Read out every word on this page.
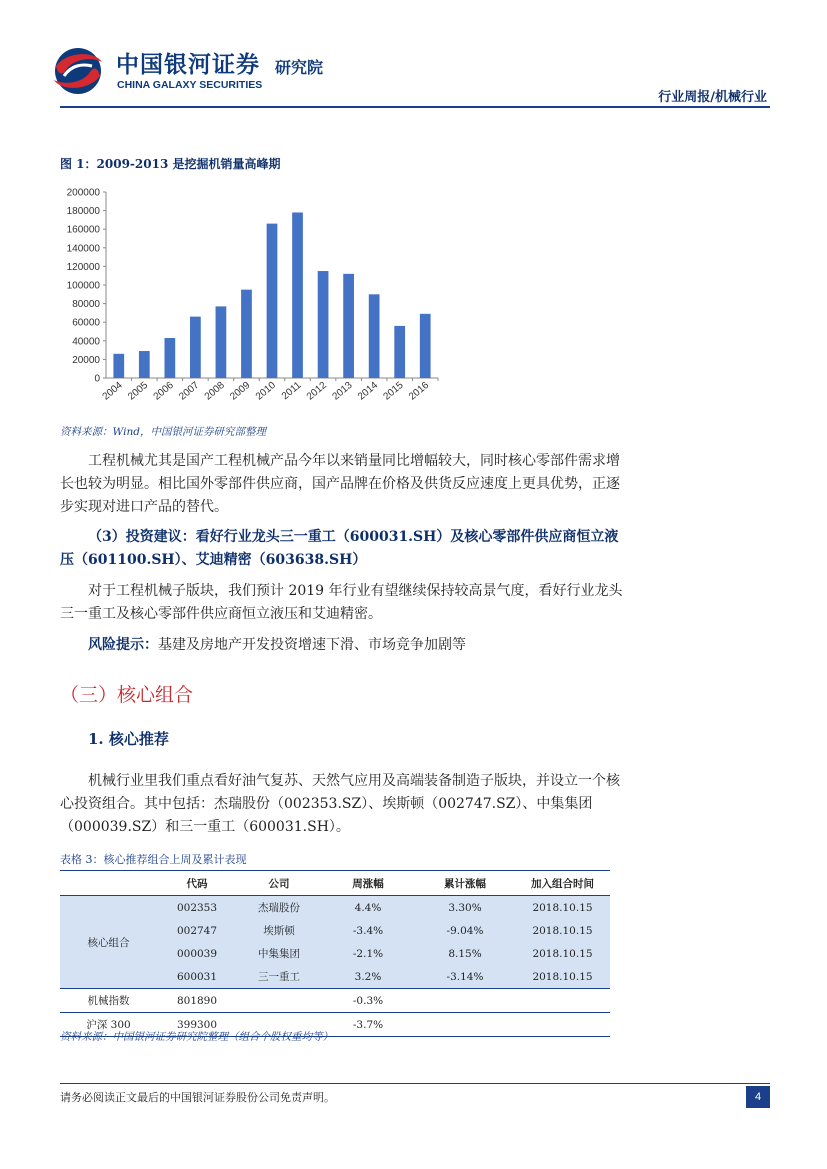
中国银河证券
CHINA GALAXY SECURITIES
研究院
行业周报/机械行业
图 1：2009-2013 是挖掘机销量高峰期
0
20000
40000
60000
80000
100000
120000
140000
160000
180000
200000
2004 2005 2006 2007 2008 2009 2010 2011 2012 2013 2014 2015 2016
资料来源：Wind，中国银河证券研究部整理
工程机械尤其是国产工程机械产品今年以来销量同比增幅较大，同时核心零部件需求增长也较为明显。相比国外零部件供应商，国产品牌在价格及供货反应速度上更具优势，正逐步实现对进口产品的替代。
（3）投资建议：看好行业龙头三一重工（600031.SH）及核心零部件供应商恒立液压（601100.SH）、艾迪精密（603638.SH）
对于工程机械子版块，我们预计 2019 年行业有望继续保持较高景气度，看好行业龙头三一重工及核心零部件供应商恒立液压和艾迪精密。
风险提示：基建及房地产开发投资增速下滑、市场竞争加剧等
（三）核心组合
1. 核心推荐
机械行业里我们重点看好油气复苏、天然气应用及高端装备制造子版块，并设立一个核心投资组合。其中包括：杰瑞股份（002353.SZ）、埃斯顿（002747.SZ）、中集集团（000039.SZ）和三一重工（600031.SH）。
表格 3：核心推荐组合上周及累计表现
	代码	公司	周涨幅	累计涨幅	加入组合时间
核心组合	002353	杰瑞股份	4.4%	3.30%	2018.10.15
	002747	埃斯顿	-3.4%	-9.04%	2018.10.15
	000039	中集集团	-2.1%	8.15%	2018.10.15
	600031	三一重工	3.2%	-3.14%	2018.10.15
机械指数	801890		-0.3%		
沪深 300	399300		-3.7%		
资料来源：中国银河证券研究院整理（组合个股权重均等）
请务必阅读正文最后的中国银河证券股份公司免责声明。	4
